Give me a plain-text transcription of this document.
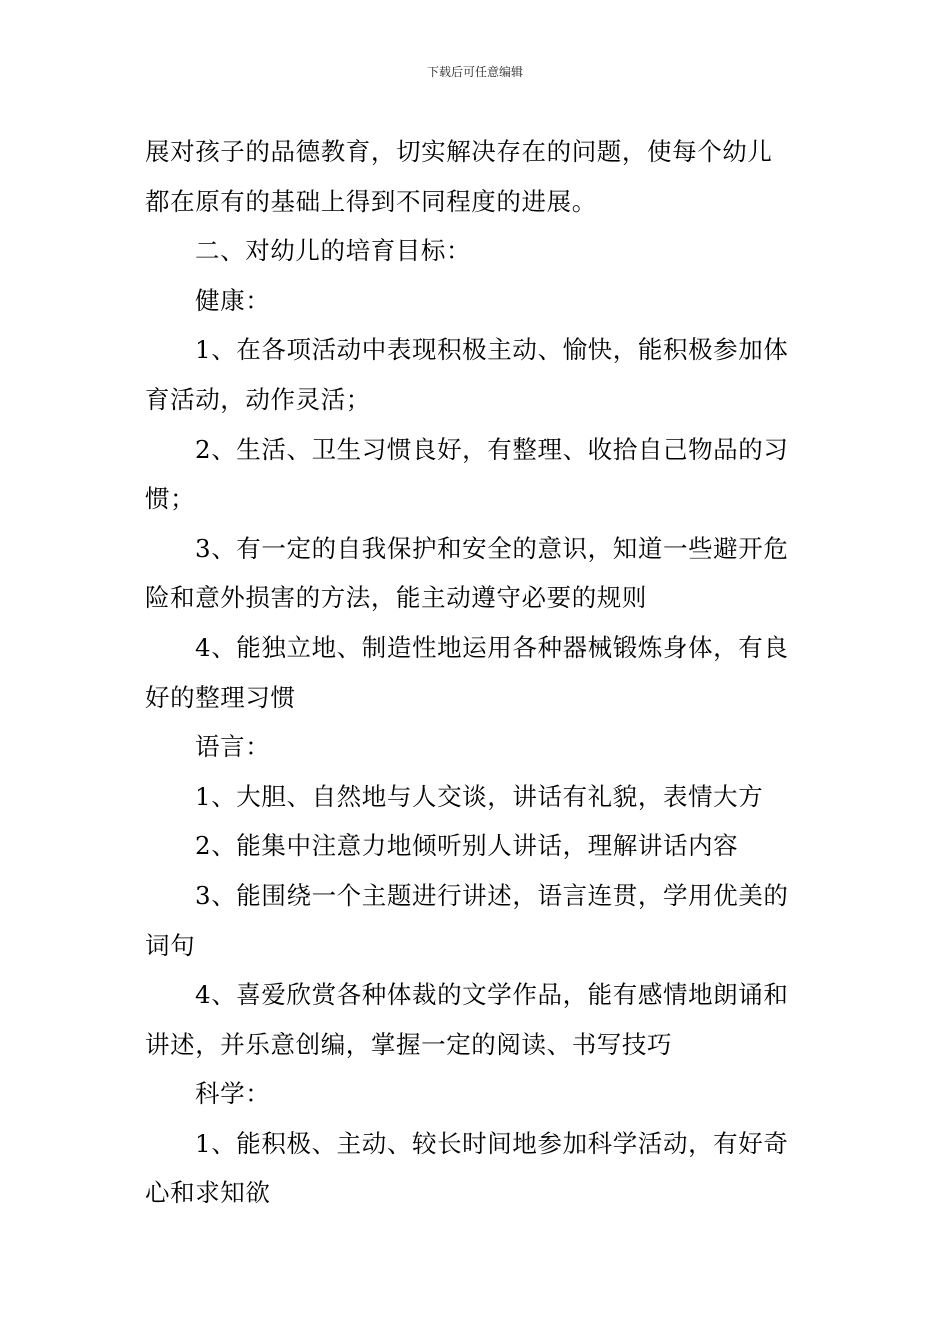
下载后可任意编辑

展对孩子的品德教育，切实解决存在的问题，使每个幼儿

都在原有的基础上得到不同程度的进展。

二、对幼儿的培育目标：

健康：

1、在各项活动中表现积极主动、愉快，能积极参加体

育活动，动作灵活；

2、生活、卫生习惯良好，有整理、收拾自己物品的习

惯；

3、有一定的自我保护和安全的意识，知道一些避开危

险和意外损害的方法，能主动遵守必要的规则

4、能独立地、制造性地运用各种器械锻炼身体，有良

好的整理习惯

语言：

1、大胆、自然地与人交谈，讲话有礼貌，表情大方

2、能集中注意力地倾听别人讲话，理解讲话内容

3、能围绕一个主题进行讲述，语言连贯，学用优美的

词句

4、喜爱欣赏各种体裁的文学作品，能有感情地朗诵和

讲述，并乐意创编，掌握一定的阅读、书写技巧

科学：

1、能积极、主动、较长时间地参加科学活动，有好奇

心和求知欲
